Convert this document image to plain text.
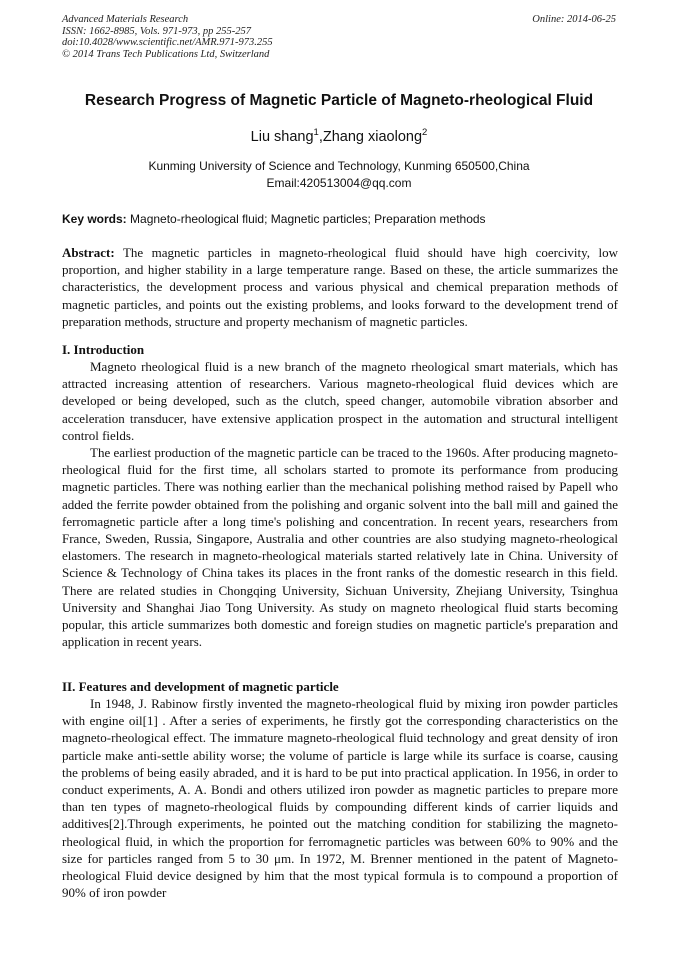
Advanced Materials Research
ISSN: 1662-8985, Vols. 971-973, pp 255-257
doi:10.4028/www.scientific.net/AMR.971-973.255
© 2014 Trans Tech Publications Ltd, Switzerland
Online: 2014-06-25
Research Progress of Magnetic Particle of Magneto-rheological Fluid
Liu shang$^1$,Zhang xiaolong$^2$
Kunming University of Science and Technology, Kunming 650500,China
Email:420513004@qq.com
Key words: Magneto-rheological fluid; Magnetic particles; Preparation methods
Abstract: The magnetic particles in magneto-rheological fluid should have high coercivity, low proportion, and higher stability in a large temperature range. Based on these, the article summarizes the characteristics, the development process and various physical and chemical preparation methods of magnetic particles, and points out the existing problems, and looks forward to the development trend of preparation methods, structure and property mechanism of magnetic particles.
I. Introduction

Magneto rheological fluid is a new branch of the magneto rheological smart materials, which has attracted increasing attention of researchers. Various magneto-rheological fluid devices which are developed or being developed, such as the clutch, speed changer, automobile vibration absorber and acceleration transducer, have extensive application prospect in the automation and structural intelligent control fields.

The earliest production of the magnetic particle can be traced to the 1960s. After producing magneto-rheological fluid for the first time, all scholars started to promote its performance from producing magnetic particles. There was nothing earlier than the mechanical polishing method raised by Papell who added the ferrite powder obtained from the polishing and organic solvent into the ball mill and gained the ferromagnetic particle after a long time's polishing and concentration. In recent years, researchers from France, Sweden, Russia, Singapore, Australia and other countries are also studying magneto-rheological elastomers. The research in magneto-rheological materials started relatively late in China. University of Science & Technology of China takes its places in the front ranks of the domestic research in this field. There are related studies in Chongqing University, Sichuan University, Zhejiang University, Tsinghua University and Shanghai Jiao Tong University. As study on magneto rheological fluid starts becoming popular, this article summarizes both domestic and foreign studies on magnetic particle's preparation and application in recent years.

II. Features and development of magnetic particle

In 1948, J. Rabinow firstly invented the magneto-rheological fluid by mixing iron powder particles with engine oil[1] . After a series of experiments, he firstly got the corresponding characteristics on the magneto-rheological effect. The immature magneto-rheological fluid technology and great density of iron particle make anti-settle ability worse; the volume of particle is large while its surface is coarse, causing the problems of being easily abraded, and it is hard to be put into practical application. In 1956, in order to conduct experiments, A. A. Bondi and others utilized iron powder as magnetic particles to prepare more than ten types of magneto-rheological fluids by compounding different kinds of carrier liquids and additives[2].Through experiments, he pointed out the matching condition for stabilizing the magneto-rheological fluid, in which the proportion for ferromagnetic particles was between 60% to 90% and the size for particles ranged from 5 to 30 μm. In 1972, M. Brenner mentioned in the patent of Magneto-rheological Fluid device designed by him that the most typical formula is to compound a proportion of 90% of iron powder
